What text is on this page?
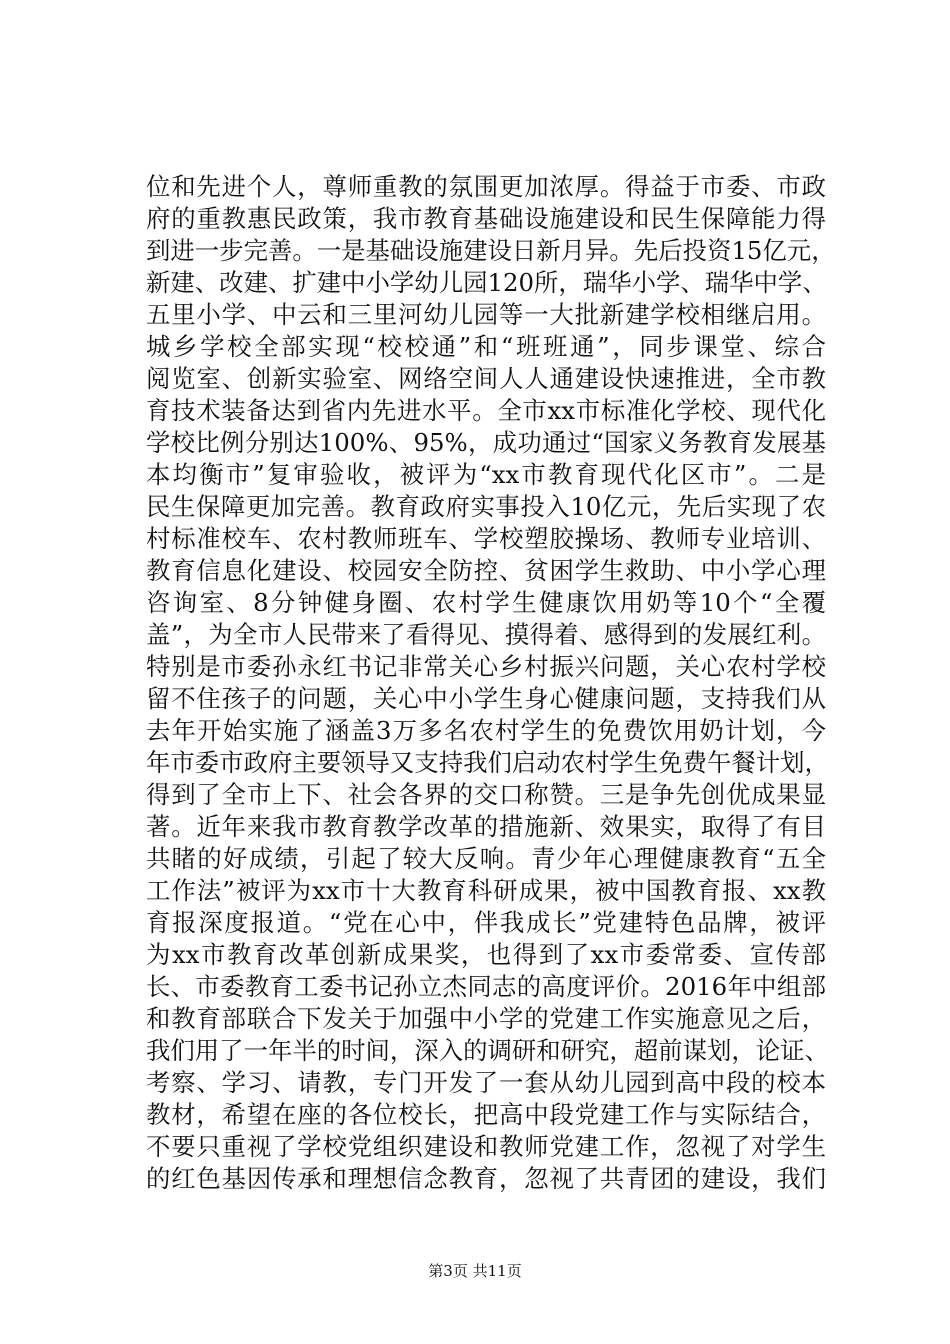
位和先进个人，尊师重教的氛围更加浓厚。得益于市委、市政
府的重教惠民政策，我市教育基础设施建设和民生保障能力得
到进一步完善。一是基础设施建设日新月异。先后投资15亿元，
新建、改建、扩建中小学幼儿园120所，瑞华小学、瑞华中学、
五里小学、中云和三里河幼儿园等一大批新建学校相继启用。
城乡学校全部实现“校校通”和“班班通”，同步课堂、综合
阅览室、创新实验室、网络空间人人通建设快速推进，全市教
育技术装备达到省内先进水平。全市xx市标准化学校、现代化
学校比例分别达100%、95%，成功通过“国家义务教育发展基
本均衡市”复审验收，被评为“xx市教育现代化区市”。二是
民生保障更加完善。教育政府实事投入10亿元，先后实现了农
村标准校车、农村教师班车、学校塑胶操场、教师专业培训、
教育信息化建设、校园安全防控、贫困学生救助、中小学心理
咨询室、8分钟健身圈、农村学生健康饮用奶等10个“全覆
盖”，为全市人民带来了看得见、摸得着、感得到的发展红利。
特别是市委孙永红书记非常关心乡村振兴问题，关心农村学校
留不住孩子的问题，关心中小学生身心健康问题，支持我们从
去年开始实施了涵盖3万多名农村学生的免费饮用奶计划，今
年市委市政府主要领导又支持我们启动农村学生免费午餐计划，
得到了全市上下、社会各界的交口称赞。三是争先创优成果显
著。近年来我市教育教学改革的措施新、效果实，取得了有目
共睹的好成绩，引起了较大反响。青少年心理健康教育“五全
工作法”被评为xx市十大教育科研成果，被中国教育报、xx教
育报深度报道。“党在心中，伴我成长”党建特色品牌，被评
为xx市教育改革创新成果奖，也得到了xx市委常委、宣传部
长、市委教育工委书记孙立杰同志的高度评价。2016年中组部
和教育部联合下发关于加强中小学的党建工作实施意见之后，
我们用了一年半的时间，深入的调研和研究，超前谋划，论证、
考察、学习、请教，专门开发了一套从幼儿园到高中段的校本
教材，希望在座的各位校长，把高中段党建工作与实际结合，
不要只重视了学校党组织建设和教师党建工作，忽视了对学生
的红色基因传承和理想信念教育，忽视了共青团的建设，我们
第3页 共11页
